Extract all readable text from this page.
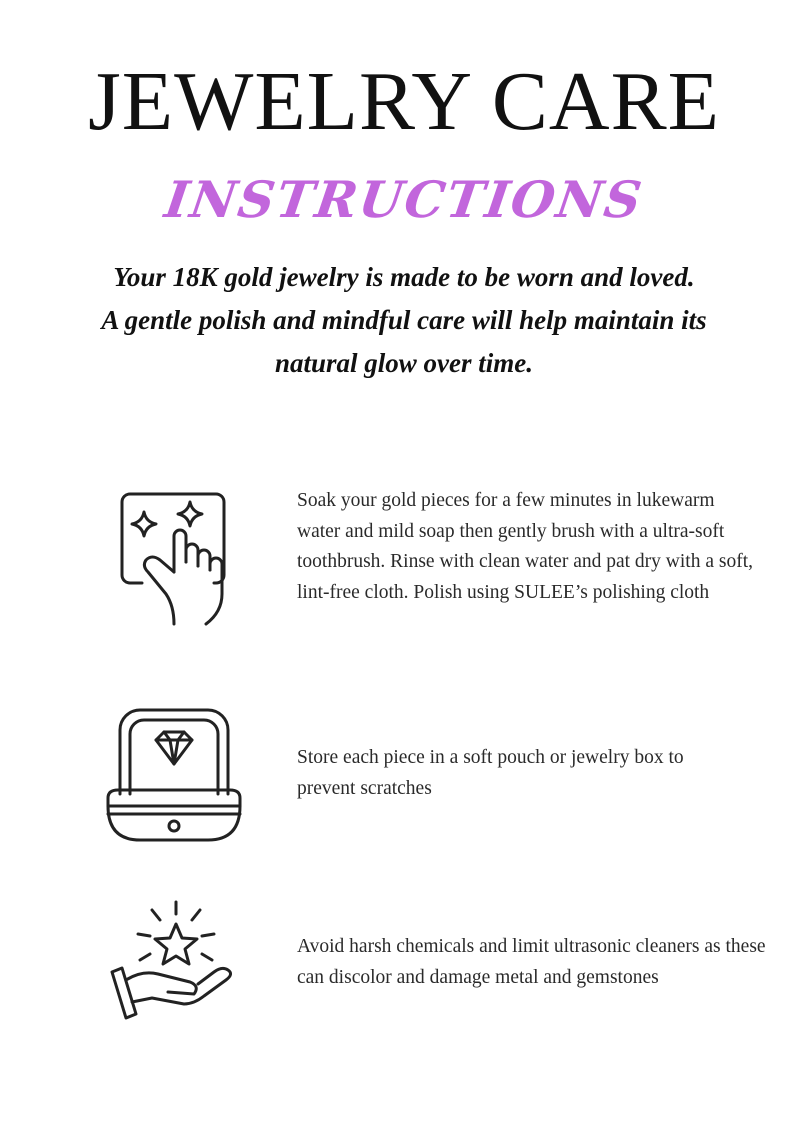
JEWELRY CARE
INSTRUCTIONS

Your 18K gold jewelry is made to be worn and loved.
A gentle polish and mindful care will help maintain its
natural glow over time.

Soak your gold pieces for a few minutes in lukewarm water and mild soap then gently brush with a ultra-soft toothbrush. Rinse with clean water and pat dry with a soft, lint-free cloth. Polish using SULEE’s polishing cloth

Store each piece in a soft pouch or jewelry box to prevent scratches

Avoid harsh chemicals and limit ultrasonic cleaners as these can discolor and damage metal and gemstones
